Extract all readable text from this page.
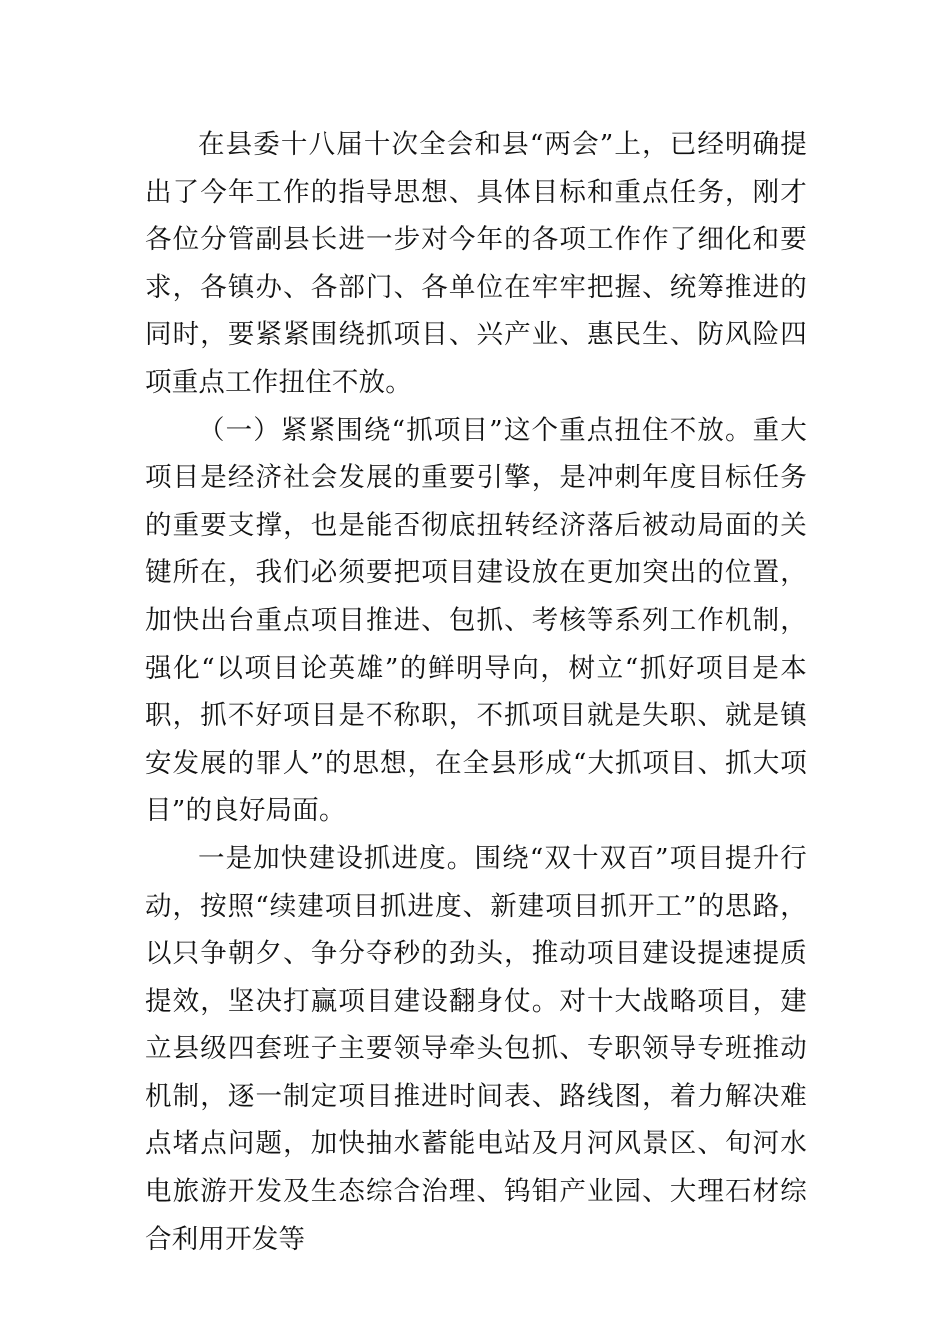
在县委十八届十次全会和县“两会”上，已经明确提出了今年工作的指导思想、具体目标和重点任务，刚才各位分管副县长进一步对今年的各项工作作了细化和要求，各镇办、各部门、各单位在牢牢把握、统筹推进的同时，要紧紧围绕抓项目、兴产业、惠民生、防风险四项重点工作扭住不放。

（一）紧紧围绕“抓项目”这个重点扭住不放。重大项目是经济社会发展的重要引擎，是冲刺年度目标任务的重要支撑，也是能否彻底扭转经济落后被动局面的关键所在，我们必须要把项目建设放在更加突出的位置，加快出台重点项目推进、包抓、考核等系列工作机制，强化“以项目论英雄”的鲜明导向，树立“抓好项目是本职，抓不好项目是不称职，不抓项目就是失职、就是镇安发展的罪人”的思想，在全县形成“大抓项目、抓大项目”的良好局面。

一是加快建设抓进度。围绕“双十双百”项目提升行动，按照“续建项目抓进度、新建项目抓开工”的思路，以只争朝夕、争分夺秒的劲头，推动项目建设提速提质提效，坚决打赢项目建设翻身仗。对十大战略项目，建立县级四套班子主要领导牵头包抓、专职领导专班推动机制，逐一制定项目推进时间表、路线图，着力解决难点堵点问题，加快抽水蓄能电站及月河风景区、旬河水电旅游开发及生态综合治理、钨钼产业园、大理石材综合利用开发等
